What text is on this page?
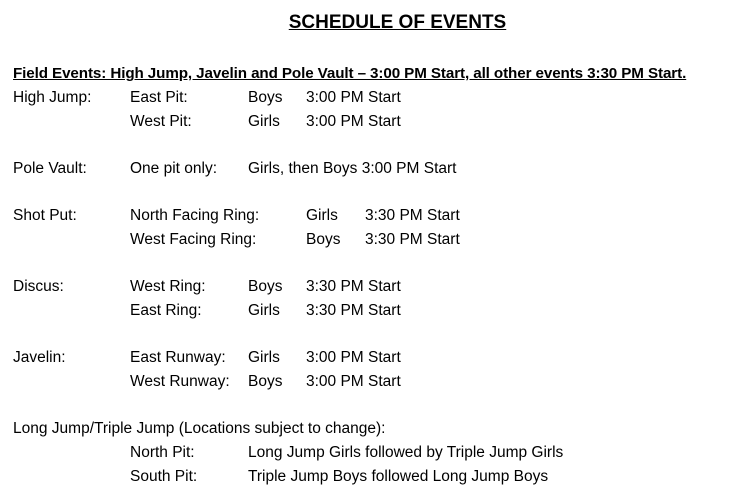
SCHEDULE OF EVENTS
Field Events: High Jump, Javelin and Pole Vault – 3:00 PM Start, all other events 3:30 PM Start.
High Jump: East Pit:	Boys 3:00 PM Start
West Pit:	Girls 3:00 PM Start
Pole Vault:	One pit only: Girls, then Boys 3:00 PM Start
Shot Put:	North Facing Ring:	Girls 3:30 PM Start
West Facing Ring:	Boys 3:30 PM Start
Discus:	West Ring:	Boys 3:30 PM Start
East Ring:	Girls 3:30 PM Start
Javelin:	East Runway: Girls 3:00 PM Start
West Runway: Boys 3:00 PM Start
Long Jump/Triple Jump (Locations subject to change):
North Pit:	Long Jump Girls followed by Triple Jump Girls
South Pit:	Triple Jump Boys followed Long Jump Boys
